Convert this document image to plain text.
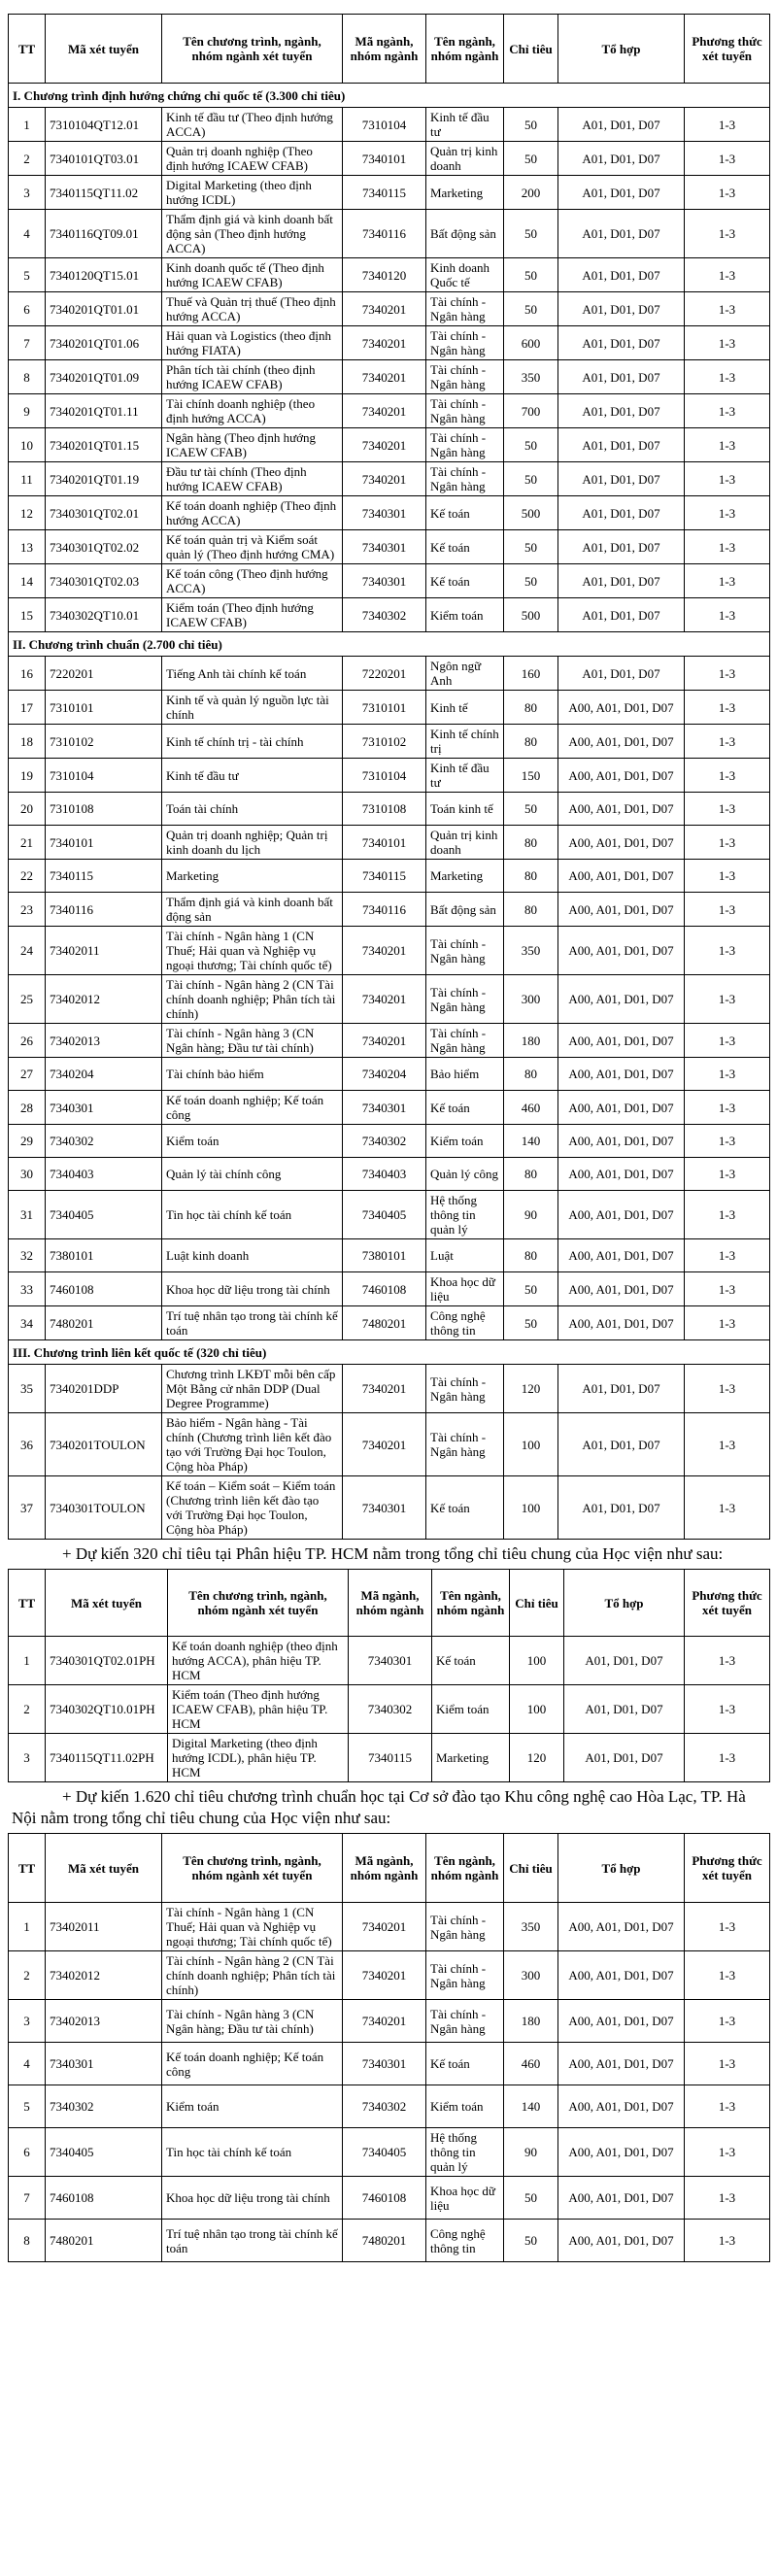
TT	Mã xét tuyển	Tên chương trình, ngành, nhóm ngành xét tuyển	Mã ngành, nhóm ngành	Tên ngành, nhóm ngành	Chỉ tiêu	Tổ hợp	Phương thức xét tuyển
I. Chương trình định hướng chứng chỉ quốc tế (3.300 chỉ tiêu)							
1	7310104QT12.01	Kinh tế đầu tư (Theo định hướng ACCA)	7310104	Kinh tế đầu tư	50	A01, D01, D07	1-3
2	7340101QT03.01	Quản trị doanh nghiệp (Theo định hướng ICAEW CFAB)	7340101	Quản trị kinh doanh	50	A01, D01, D07	1-3
3	7340115QT11.02	Digital Marketing (theo định hướng ICDL)	7340115	Marketing	200	A01, D01, D07	1-3
4	7340116QT09.01	Thẩm định giá và kinh doanh bất động sản (Theo định hướng ACCA)	7340116	Bất động sản	50	A01, D01, D07	1-3
5	7340120QT15.01	Kinh doanh quốc tế (Theo định hướng ICAEW CFAB)	7340120	Kinh doanh Quốc tế	50	A01, D01, D07	1-3
6	7340201QT01.01	Thuế và Quản trị thuế (Theo định hướng ACCA)	7340201	Tài chính - Ngân hàng	50	A01, D01, D07	1-3
7	7340201QT01.06	Hải quan và Logistics (theo định hướng FIATA)	7340201	Tài chính - Ngân hàng	600	A01, D01, D07	1-3
8	7340201QT01.09	Phân tích tài chính (theo định hướng ICAEW CFAB)	7340201	Tài chính - Ngân hàng	350	A01, D01, D07	1-3
9	7340201QT01.11	Tài chính doanh nghiệp (theo định hướng ACCA)	7340201	Tài chính - Ngân hàng	700	A01, D01, D07	1-3
10	7340201QT01.15	Ngân hàng (Theo định hướng ICAEW CFAB)	7340201	Tài chính - Ngân hàng	50	A01, D01, D07	1-3
11	7340201QT01.19	Đầu tư tài chính (Theo định hướng ICAEW CFAB)	7340201	Tài chính - Ngân hàng	50	A01, D01, D07	1-3
12	7340301QT02.01	Kế toán doanh nghiệp (Theo định hướng ACCA)	7340301	Kế toán	500	A01, D01, D07	1-3
13	7340301QT02.02	Kế toán quản trị và Kiểm soát quản lý (Theo định hướng CMA)	7340301	Kế toán	50	A01, D01, D07	1-3
14	7340301QT02.03	Kế toán công (Theo định hướng ACCA)	7340301	Kế toán	50	A01, D01, D07	1-3
15	7340302QT10.01	Kiểm toán (Theo định hướng ICAEW CFAB)	7340302	Kiểm toán	500	A01, D01, D07	1-3
II. Chương trình chuẩn (2.700 chỉ tiêu)							
16	7220201	Tiếng Anh tài chính kế toán	7220201	Ngôn ngữ Anh	160	A01, D01, D07	1-3
17	7310101	Kinh tế và quản lý nguồn lực tài chính	7310101	Kinh tế	80	A00, A01, D01, D07	1-3
18	7310102	Kinh tế chính trị - tài chính	7310102	Kinh tế chính trị	80	A00, A01, D01, D07	1-3
19	7310104	Kinh tế đầu tư	7310104	Kinh tế đầu tư	150	A00, A01, D01, D07	1-3
20	7310108	Toán tài chính	7310108	Toán kinh tế	50	A00, A01, D01, D07	1-3
21	7340101	Quản trị doanh nghiệp; Quản trị kinh doanh du lịch	7340101	Quản trị kinh doanh	80	A00, A01, D01, D07	1-3
22	7340115	Marketing	7340115	Marketing	80	A00, A01, D01, D07	1-3
23	7340116	Thẩm định giá và kinh doanh bất động sản	7340116	Bất động sản	80	A00, A01, D01, D07	1-3
24	73402011	Tài chính - Ngân hàng 1 (CN Thuế; Hải quan và Nghiệp vụ ngoại thương; Tài chính quốc tế)	7340201	Tài chính - Ngân hàng	350	A00, A01, D01, D07	1-3
25	73402012	Tài chính - Ngân hàng 2 (CN Tài chính doanh nghiệp; Phân tích tài chính)	7340201	Tài chính - Ngân hàng	300	A00, A01, D01, D07	1-3
26	73402013	Tài chính - Ngân hàng 3 (CN Ngân hàng; Đầu tư tài chính)	7340201	Tài chính - Ngân hàng	180	A00, A01, D01, D07	1-3
27	7340204	Tài chính bảo hiểm	7340204	Bảo hiểm	80	A00, A01, D01, D07	1-3
28	7340301	Kế toán doanh nghiệp; Kế toán công	7340301	Kế toán	460	A00, A01, D01, D07	1-3
29	7340302	Kiểm toán	7340302	Kiểm toán	140	A00, A01, D01, D07	1-3
30	7340403	Quản lý tài chính công	7340403	Quản lý công	80	A00, A01, D01, D07	1-3
31	7340405	Tin học tài chính kế toán	7340405	Hệ thống thông tin quản lý	90	A00, A01, D01, D07	1-3
32	7380101	Luật kinh doanh	7380101	Luật	80	A00, A01, D01, D07	1-3
33	7460108	Khoa học dữ liệu trong tài chính	7460108	Khoa học dữ liệu	50	A00, A01, D01, D07	1-3
34	7480201	Trí tuệ nhân tạo trong tài chính kế toán	7480201	Công nghệ thông tin	50	A00, A01, D01, D07	1-3
III. Chương trình liên kết quốc tế (320 chỉ tiêu)							
35	7340201DDP	Chương trình LKĐT mỗi bên cấp Một Bằng cử nhân DDP (Dual Degree Programme)	7340201	Tài chính - Ngân hàng	120	A01, D01, D07	1-3
36	7340201TOULON	Bảo hiểm - Ngân hàng - Tài chính (Chương trình liên kết đào tạo với Trường Đại học Toulon, Cộng hòa Pháp)	7340201	Tài chính - Ngân hàng	100	A01, D01, D07	1-3
37	7340301TOULON	Kế toán – Kiểm soát – Kiểm toán (Chương trình liên kết đào tạo với Trường Đại học Toulon, Cộng hòa Pháp)	7340301	Kế toán	100	A01, D01, D07	1-3
+ Dự kiến 320 chỉ tiêu tại Phân hiệu TP. HCM nằm trong tổng chỉ tiêu chung của Học viện như sau:
TT	Mã xét tuyển	Tên chương trình, ngành, nhóm ngành xét tuyển	Mã ngành, nhóm ngành	Tên ngành, nhóm ngành	Chỉ tiêu	Tổ hợp	Phương thức xét tuyển
1	7340301QT02.01PH	Kế toán doanh nghiệp (theo định hướng ACCA), phân hiệu TP. HCM	7340301	Kế toán	100	A01, D01, D07	1-3
2	7340302QT10.01PH	Kiểm toán (Theo định hướng ICAEW CFAB), phân hiệu TP. HCM	7340302	Kiểm toán	100	A01, D01, D07	1-3
3	7340115QT11.02PH	Digital Marketing (theo định hướng ICDL), phân hiệu TP. HCM	7340115	Marketing	120	A01, D01, D07	1-3
+ Dự kiến 1.620 chỉ tiêu chương trình chuẩn học tại Cơ sở đào tạo Khu công nghệ cao Hòa Lạc, TP. Hà Nội nằm trong tổng chỉ tiêu chung của Học viện như sau:
TT	Mã xét tuyển	Tên chương trình, ngành, nhóm ngành xét tuyển	Mã ngành, nhóm ngành	Tên ngành, nhóm ngành	Chỉ tiêu	Tổ hợp	Phương thức xét tuyển
1	73402011	Tài chính - Ngân hàng 1 (CN Thuế; Hải quan và Nghiệp vụ ngoại thương; Tài chính quốc tế)	7340201	Tài chính - Ngân hàng	350	A00, A01, D01, D07	1-3
2	73402012	Tài chính - Ngân hàng 2 (CN Tài chính doanh nghiệp; Phân tích tài chính)	7340201	Tài chính - Ngân hàng	300	A00, A01, D01, D07	1-3
3	73402013	Tài chính - Ngân hàng 3 (CN Ngân hàng; Đầu tư tài chính)	7340201	Tài chính - Ngân hàng	180	A00, A01, D01, D07	1-3
4	7340301	Kế toán doanh nghiệp; Kế toán công	7340301	Kế toán	460	A00, A01, D01, D07	1-3
5	7340302	Kiểm toán	7340302	Kiểm toán	140	A00, A01, D01, D07	1-3
6	7340405	Tin học tài chính kế toán	7340405	Hệ thống thông tin quản lý	90	A00, A01, D01, D07	1-3
7	7460108	Khoa học dữ liệu trong tài chính	7460108	Khoa học dữ liệu	50	A00, A01, D01, D07	1-3
8	7480201	Trí tuệ nhân tạo trong tài chính kế toán	7480201	Công nghệ thông tin	50	A00, A01, D01, D07	1-3
